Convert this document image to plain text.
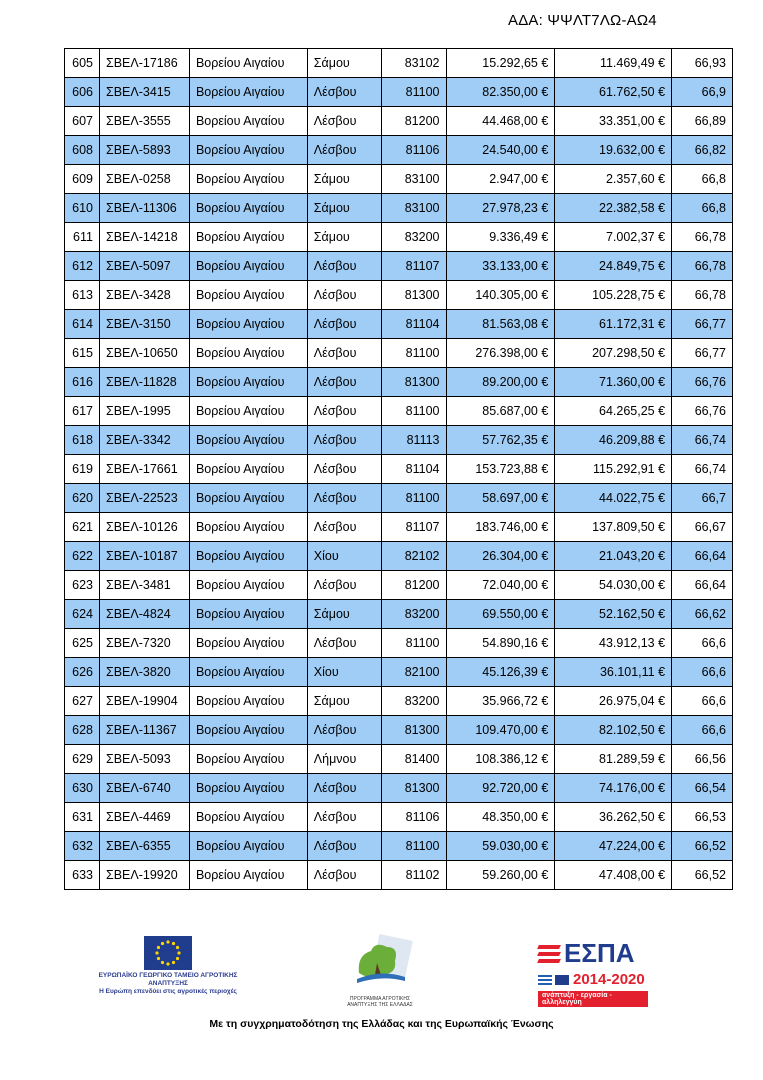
ΑΔΑ: ΨΨΛΤ7ΛΩ-ΑΩ4
605	ΣΒΕΛ-17186	Βορείου Αιγαίου	Σάμου	83102	15.292,65 €	11.469,49 €	66,93
606	ΣΒΕΛ-3415	Βορείου Αιγαίου	Λέσβου	81100	82.350,00 €	61.762,50 €	66,9
607	ΣΒΕΛ-3555	Βορείου Αιγαίου	Λέσβου	81200	44.468,00 €	33.351,00 €	66,89
608	ΣΒΕΛ-5893	Βορείου Αιγαίου	Λέσβου	81106	24.540,00 €	19.632,00 €	66,82
609	ΣΒΕΛ-0258	Βορείου Αιγαίου	Σάμου	83100	2.947,00 €	2.357,60 €	66,8
610	ΣΒΕΛ-11306	Βορείου Αιγαίου	Σάμου	83100	27.978,23 €	22.382,58 €	66,8
611	ΣΒΕΛ-14218	Βορείου Αιγαίου	Σάμου	83200	9.336,49 €	7.002,37 €	66,78
612	ΣΒΕΛ-5097	Βορείου Αιγαίου	Λέσβου	81107	33.133,00 €	24.849,75 €	66,78
613	ΣΒΕΛ-3428	Βορείου Αιγαίου	Λέσβου	81300	140.305,00 €	105.228,75 €	66,78
614	ΣΒΕΛ-3150	Βορείου Αιγαίου	Λέσβου	81104	81.563,08 €	61.172,31 €	66,77
615	ΣΒΕΛ-10650	Βορείου Αιγαίου	Λέσβου	81100	276.398,00 €	207.298,50 €	66,77
616	ΣΒΕΛ-11828	Βορείου Αιγαίου	Λέσβου	81300	89.200,00 €	71.360,00 €	66,76
617	ΣΒΕΛ-1995	Βορείου Αιγαίου	Λέσβου	81100	85.687,00 €	64.265,25 €	66,76
618	ΣΒΕΛ-3342	Βορείου Αιγαίου	Λέσβου	81113	57.762,35 €	46.209,88 €	66,74
619	ΣΒΕΛ-17661	Βορείου Αιγαίου	Λέσβου	81104	153.723,88 €	115.292,91 €	66,74
620	ΣΒΕΛ-22523	Βορείου Αιγαίου	Λέσβου	81100	58.697,00 €	44.022,75 €	66,7
621	ΣΒΕΛ-10126	Βορείου Αιγαίου	Λέσβου	81107	183.746,00 €	137.809,50 €	66,67
622	ΣΒΕΛ-10187	Βορείου Αιγαίου	Χίου	82102	26.304,00 €	21.043,20 €	66,64
623	ΣΒΕΛ-3481	Βορείου Αιγαίου	Λέσβου	81200	72.040,00 €	54.030,00 €	66,64
624	ΣΒΕΛ-4824	Βορείου Αιγαίου	Σάμου	83200	69.550,00 €	52.162,50 €	66,62
625	ΣΒΕΛ-7320	Βορείου Αιγαίου	Λέσβου	81100	54.890,16 €	43.912,13 €	66,6
626	ΣΒΕΛ-3820	Βορείου Αιγαίου	Χίου	82100	45.126,39 €	36.101,11 €	66,6
627	ΣΒΕΛ-19904	Βορείου Αιγαίου	Σάμου	83200	35.966,72 €	26.975,04 €	66,6
628	ΣΒΕΛ-11367	Βορείου Αιγαίου	Λέσβου	81300	109.470,00 €	82.102,50 €	66,6
629	ΣΒΕΛ-5093	Βορείου Αιγαίου	Λήμνου	81400	108.386,12 €	81.289,59 €	66,56
630	ΣΒΕΛ-6740	Βορείου Αιγαίου	Λέσβου	81300	92.720,00 €	74.176,00 €	66,54
631	ΣΒΕΛ-4469	Βορείου Αιγαίου	Λέσβου	81106	48.350,00 €	36.262,50 €	66,53
632	ΣΒΕΛ-6355	Βορείου Αιγαίου	Λέσβου	81100	59.030,00 €	47.224,00 €	66,52
633	ΣΒΕΛ-19920	Βορείου Αιγαίου	Λέσβου	81102	59.260,00 €	47.408,00 €	66,52
ΕΥΡΩΠΑΪΚΟ ΓΕΩΡΓΙΚΟ ΤΑΜΕΙΟ ΑΓΡΟΤΙΚΗΣ ΑΝΑΠΤΥΞΗΣ
Η Ευρώπη επενδύει στις αγροτικές περιοχές
ΠΡΟΓΡΑΜΜΑ ΑΓΡΟΤΙΚΗΣ ΑΝΑΠΤΥΞΗΣ ΤΗΣ ΕΛΛΑΔΑΣ
ΕΣΠΑ
2014-2020
ανάπτυξη - εργασία - αλληλεγγύη
Με τη συγχρηματοδότηση της Ελλάδας και της Ευρωπαϊκής Ένωσης
